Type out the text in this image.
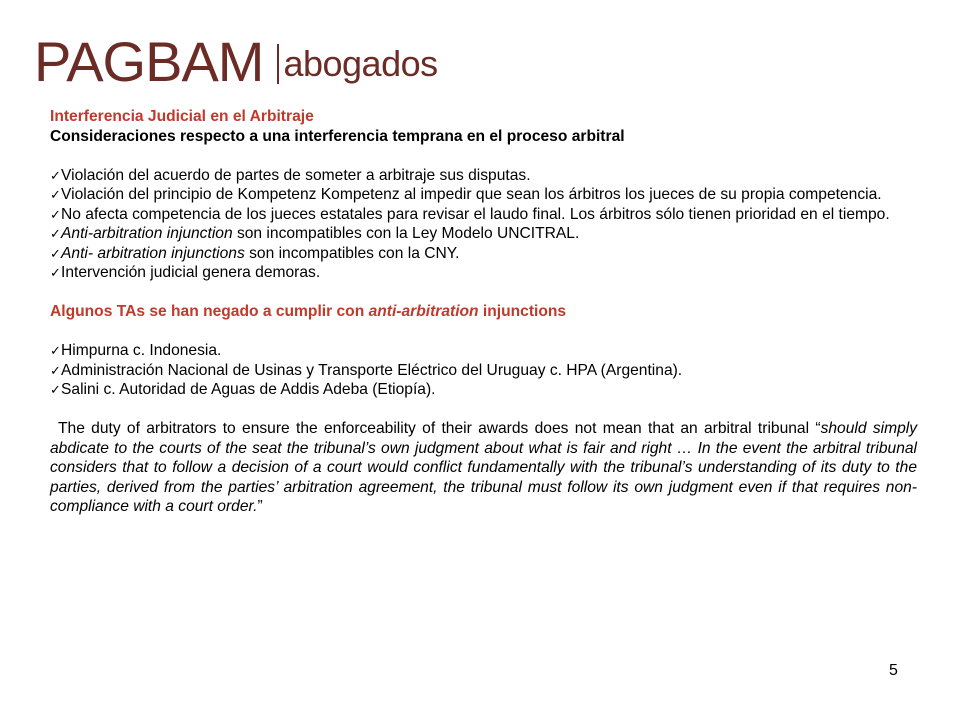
PAGBAM abogados

Interferencia Judicial en el Arbitraje

Consideraciones respecto a una interferencia temprana en el proceso arbitral

✓ Violación del acuerdo de partes de someter a arbitraje sus disputas.
✓ Violación del principio de Kompetenz Kompetenz al impedir que sean los árbitros los jueces de su propia competencia.
✓ No afecta competencia de los jueces estatales para revisar el laudo final. Los árbitros sólo tienen prioridad en el tiempo.
✓ Anti-arbitration injunction son incompatibles con la Ley Modelo UNCITRAL.
✓ Anti- arbitration injunctions son incompatibles con la CNY.
✓ Intervención judicial genera demoras.

Algunos TAs se han negado a cumplir con anti-arbitration injunctions

✓ Himpurna c. Indonesia.
✓ Administración Nacional de Usinas y Transporte Eléctrico del Uruguay c. HPA (Argentina).
✓ Salini c. Autoridad de Aguas de Addis Adeba (Etiopía).

The duty of arbitrators to ensure the enforceability of their awards does not mean that an arbitral tribunal “should simply abdicate to the courts of the seat the tribunal’s own judgment about what is fair and right … In the event the arbitral tribunal considers that to follow a decision of a court would conflict fundamentally with the tribunal’s understanding of its duty to the parties, derived from the parties’ arbitration agreement, the tribunal must follow its own judgment even if that requires non-compliance with a court order.”

5
